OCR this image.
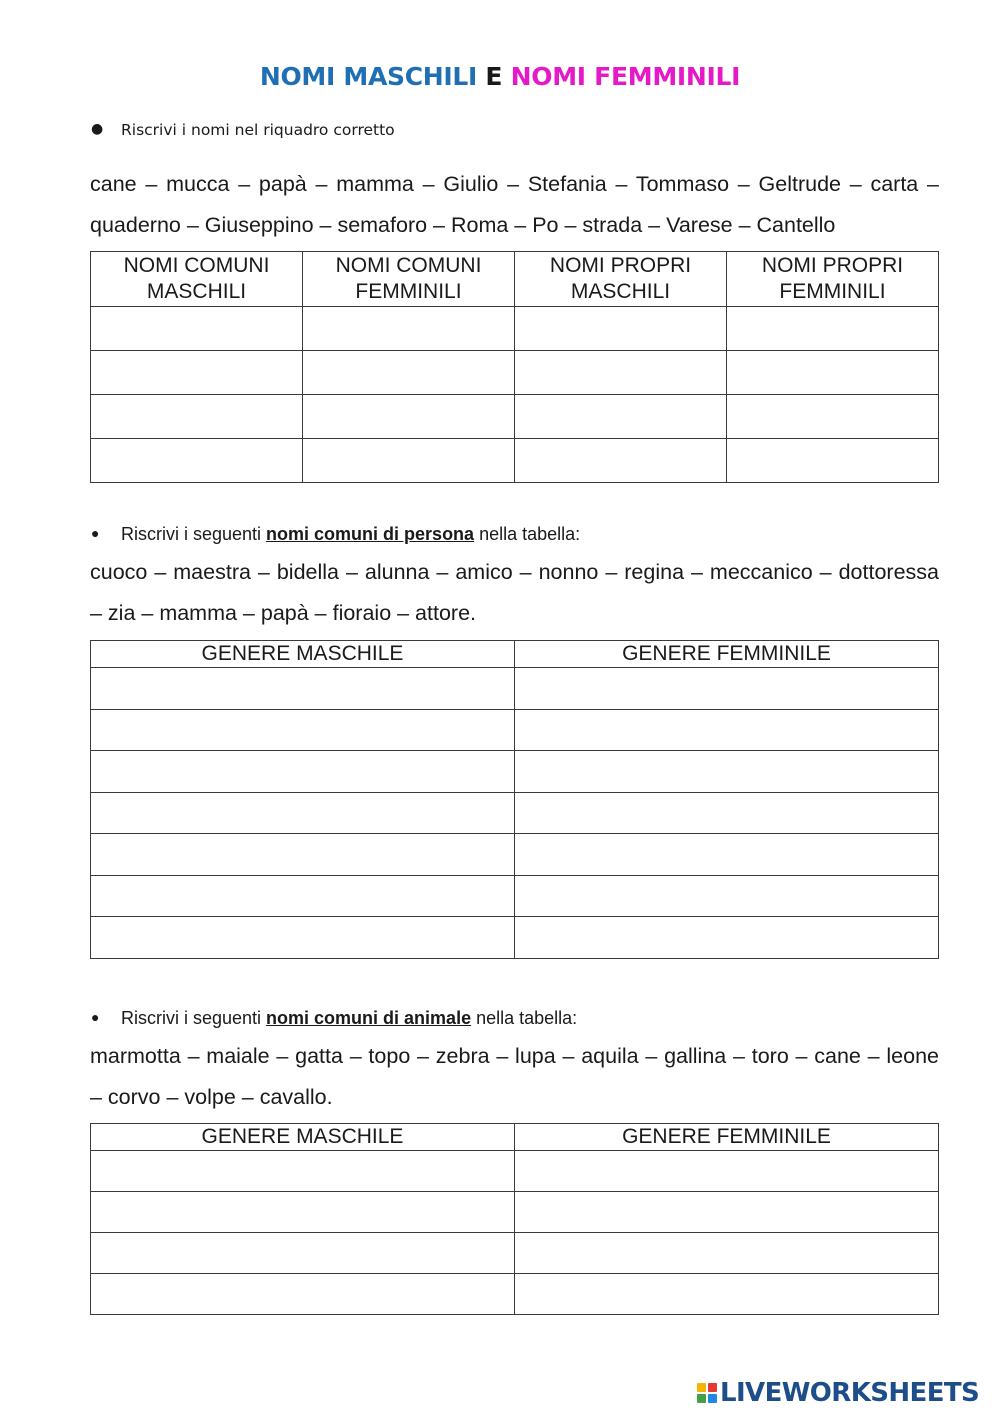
NOMI MASCHILI E NOMI FEMMINILI
● Riscrivi i nomi nel riquadro corretto

cane – mucca – papà – mamma – Giulio – Stefania – Tommaso – Geltrude – carta – quaderno – Giuseppino – semaforo – Roma – Po – strada – Varese – Cantello

NOMI COMUNI MASCHILI	NOMI COMUNI FEMMINILI	NOMI PROPRI MASCHILI	NOMI PROPRI FEMMINILI

● Riscrivi i seguenti nomi comuni di persona nella tabella:

cuoco – maestra – bidella – alunna – amico – nonno – regina – meccanico – dottoressa – zia – mamma – papà – fioraio – attore.

GENERE MASCHILE	GENERE FEMMINILE

● Riscrivi i seguenti nomi comuni di animale nella tabella:

marmotta – maiale – gatta – topo – zebra – lupa – aquila – gallina – toro – cane – leone – corvo – volpe – cavallo.

GENERE MASCHILE	GENERE FEMMINILE

LIVEWORKSHEETS
